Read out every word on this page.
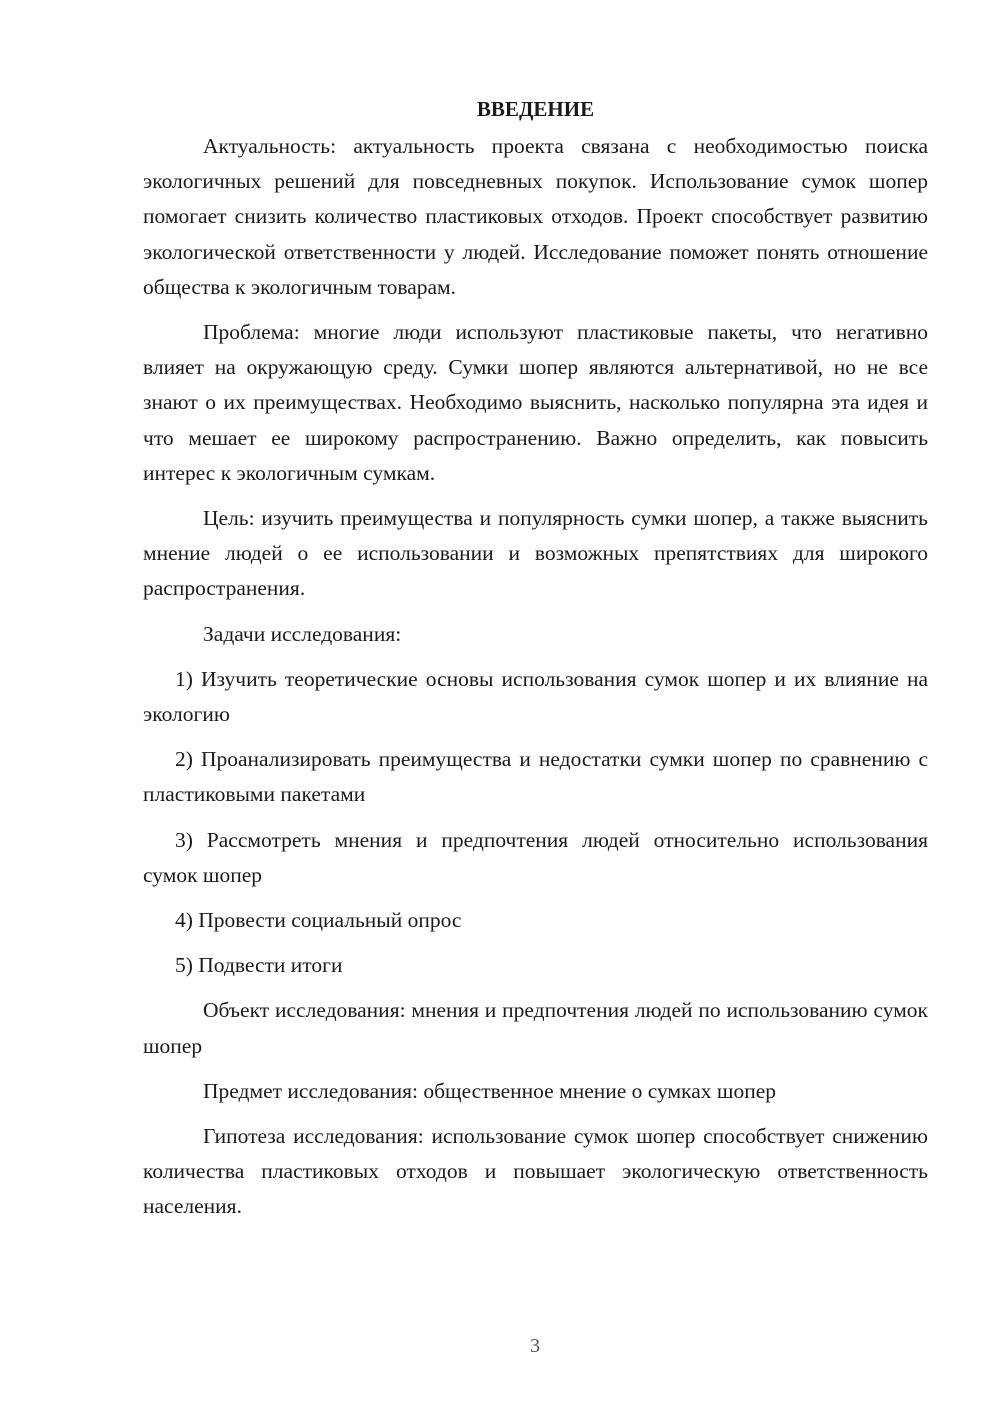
ВВЕДЕНИЕ

Актуальность: актуальность проекта связана с необходимостью поиска экологичных решений для повседневных покупок. Использование сумок шопер помогает снизить количество пластиковых отходов. Проект способствует развитию экологической ответственности у людей. Исследование поможет понять отношение общества к экологичным товарам.

Проблема: многие люди используют пластиковые пакеты, что негативно влияет на окружающую среду. Сумки шопер являются альтернативой, но не все знают о их преимуществах. Необходимо выяснить, насколько популярна эта идея и что мешает ее широкому распространению. Важно определить, как повысить интерес к экологичным сумкам.

Цель: изучить преимущества и популярность сумки шопер, а также выяснить мнение людей о ее использовании и возможных препятствиях для широкого распространения.

Задачи исследования:

1) Изучить теоретические основы использования сумок шопер и их влияние на экологию

2) Проанализировать преимущества и недостатки сумки шопер по сравнению с пластиковыми пакетами

3) Рассмотреть мнения и предпочтения людей относительно использования сумок шопер

4) Провести социальный опрос

5) Подвести итоги

Объект исследования: мнения и предпочтения людей по использованию сумок шопер

Предмет исследования: общественное мнение о сумках шопер

Гипотеза исследования: использование сумок шопер способствует снижению количества пластиковых отходов и повышает экологическую ответственность населения.

3
